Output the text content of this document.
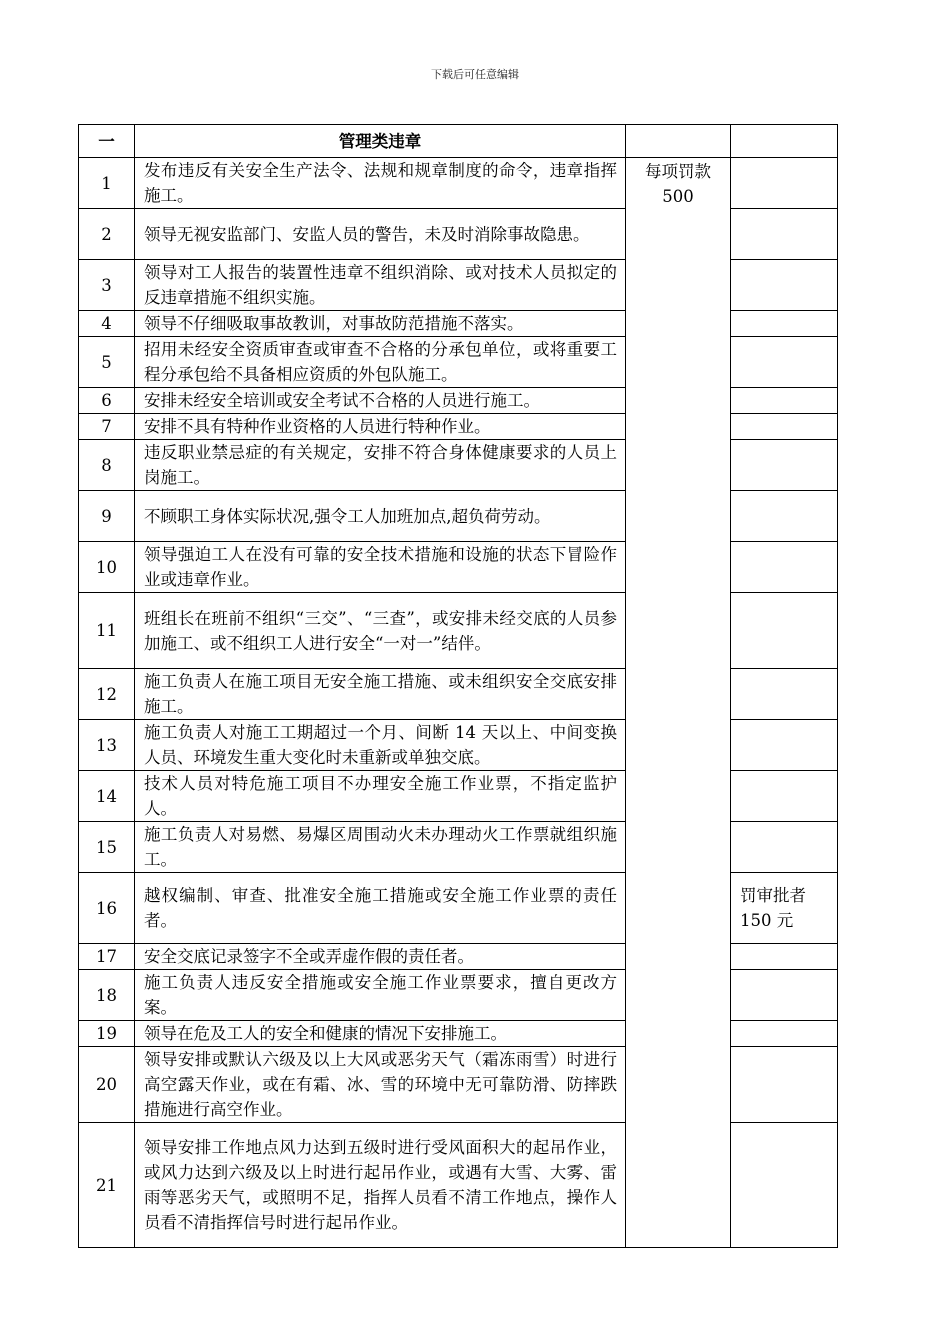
下载后可任意编辑
一	管理类违章		
1	发布违反有关安全生产法令、法规和规章制度的命令，违章指挥施工。	每项罚款
500	
2	领导无视安监部门、安监人员的警告，未及时消除事故隐患。		
3	领导对工人报告的装置性违章不组织消除、或对技术人员拟定的反违章措施不组织实施。		
4	领导不仔细吸取事故教训，对事故防范措施不落实。		
5	招用未经安全资质审查或审查不合格的分承包单位，或将重要工程分承包给不具备相应资质的外包队施工。		
6	安排未经安全培训或安全考试不合格的人员进行施工。		
7	安排不具有特种作业资格的人员进行特种作业。		
8	违反职业禁忌症的有关规定，安排不符合身体健康要求的人员上岗施工。		
9	不顾职工身体实际状况,强令工人加班加点,超负荷劳动。		
10	领导强迫工人在没有可靠的安全技术措施和设施的状态下冒险作业或违章作业。		
11	班组长在班前不组织“三交”、“三查”，或安排未经交底的人员参加施工、或不组织工人进行安全“一对一”结伴。		
12	施工负责人在施工项目无安全施工措施、或未组织安全交底安排施工。		
13	施工负责人对施工工期超过一个月、间断 14 天以上、中间变换人员、环境发生重大变化时未重新或单独交底。		
14	技术人员对特危施工项目不办理安全施工作业票，不指定监护人。		
15	施工负责人对易燃、易爆区周围动火未办理动火工作票就组织施工。		
16	越权编制、审查、批准安全施工措施或安全施工作业票的责任者。		罚审批者
150 元
17	安全交底记录签字不全或弄虚作假的责任者。		
18	施工负责人违反安全措施或安全施工作业票要求，擅自更改方案。		
19	领导在危及工人的安全和健康的情况下安排施工。		
20	领导安排或默认六级及以上大风或恶劣天气（霜冻雨雪）时进行高空露天作业，或在有霜、冰、雪的环境中无可靠防滑、防摔跌措施进行高空作业。		
21	领导安排工作地点风力达到五级时进行受风面积大的起吊作业，或风力达到六级及以上时进行起吊作业，或遇有大雪、大雾、雷雨等恶劣天气，或照明不足，指挥人员看不清工作地点，操作人员看不清指挥信号时进行起吊作业。		
